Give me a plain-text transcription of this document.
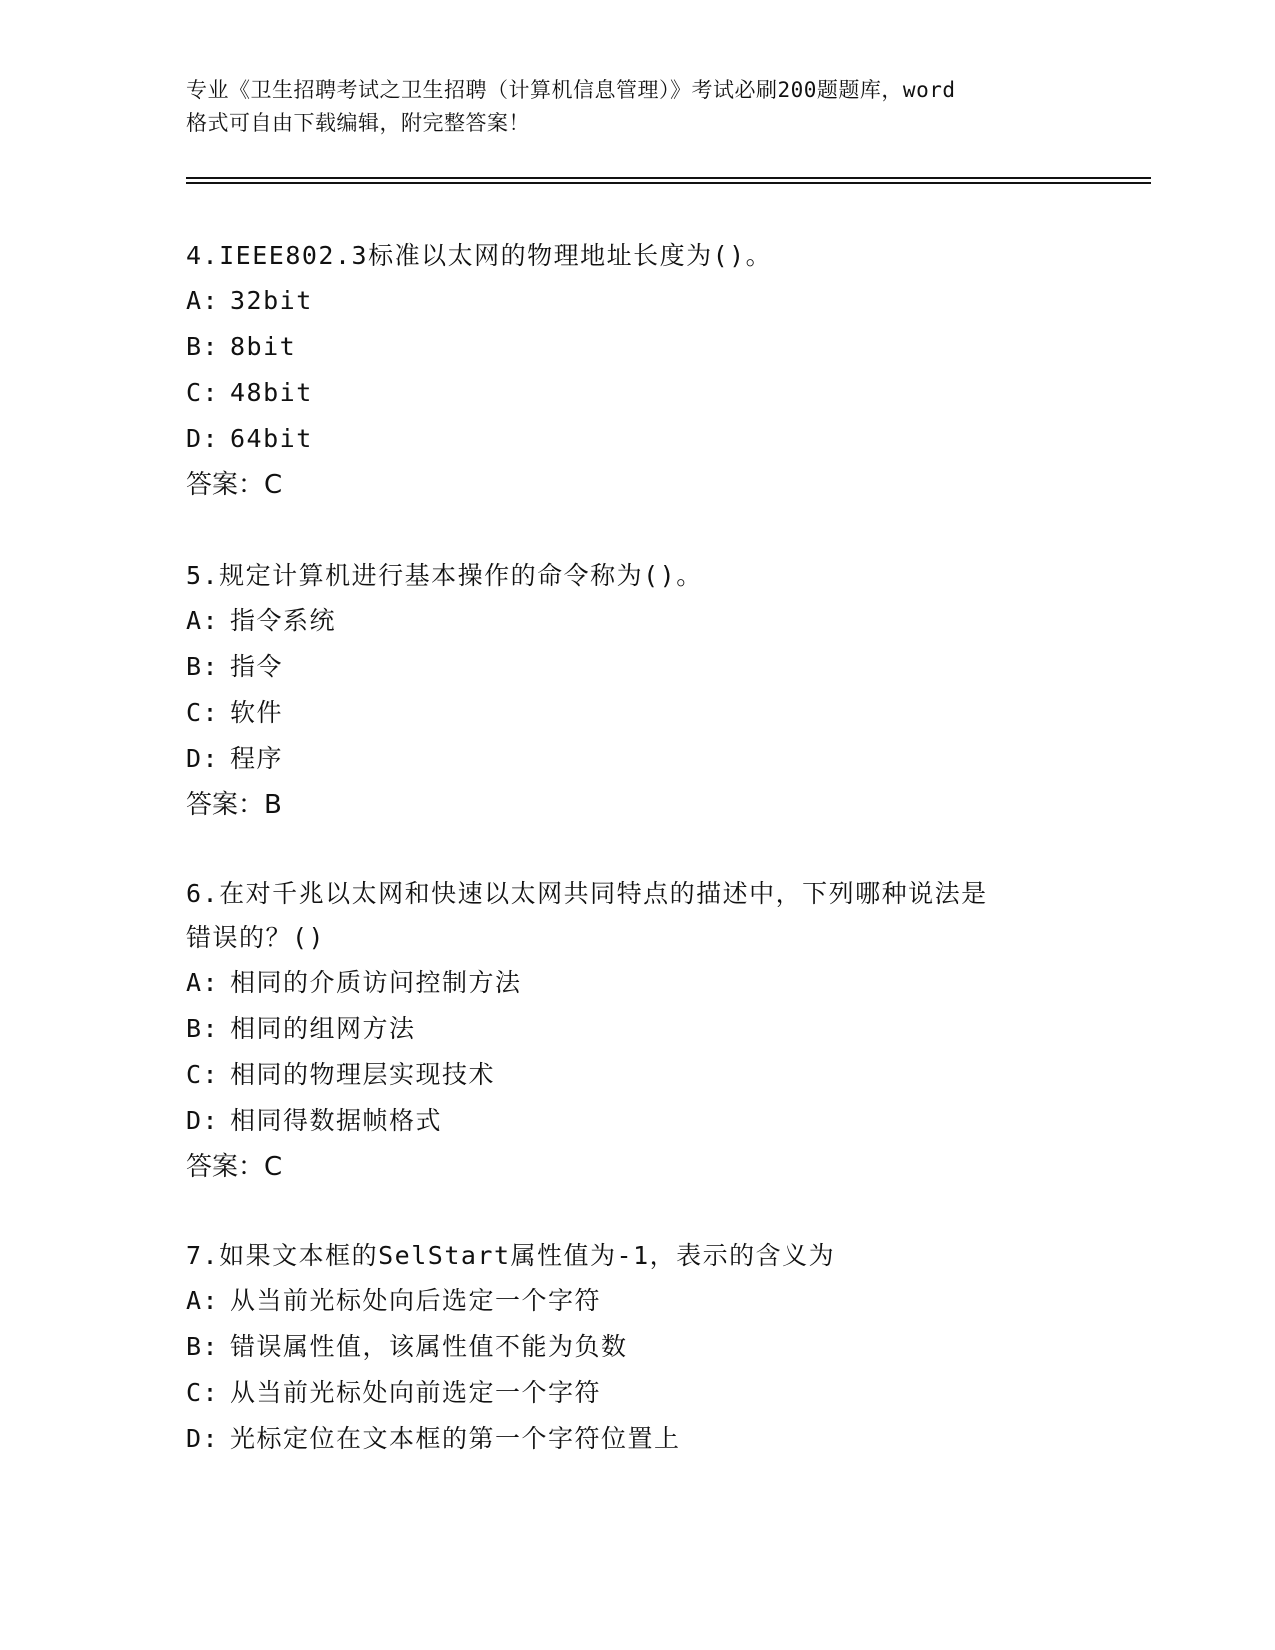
专业《卫生招聘考试之卫生招聘（计算机信息管理）》考试必刷200题题库，word
格式可自由下载编辑，附完整答案！

4.IEEE802.3标准以太网的物理地址长度为()。

A: 32bit

B: 8bit

C: 48bit

D: 64bit

答案：C

5.规定计算机进行基本操作的命令称为()。

A: 指令系统

B: 指令

C: 软件

D: 程序

答案：B

6.在对千兆以太网和快速以太网共同特点的描述中，下列哪种说法是

错误的？()

A: 相同的介质访问控制方法

B: 相同的组网方法

C: 相同的物理层实现技术

D: 相同得数据帧格式

答案：C

7.如果文本框的SelStart属性值为-1，表示的含义为

A: 从当前光标处向后选定一个字符

B: 错误属性值，该属性值不能为负数

C: 从当前光标处向前选定一个字符

D: 光标定位在文本框的第一个字符位置上
